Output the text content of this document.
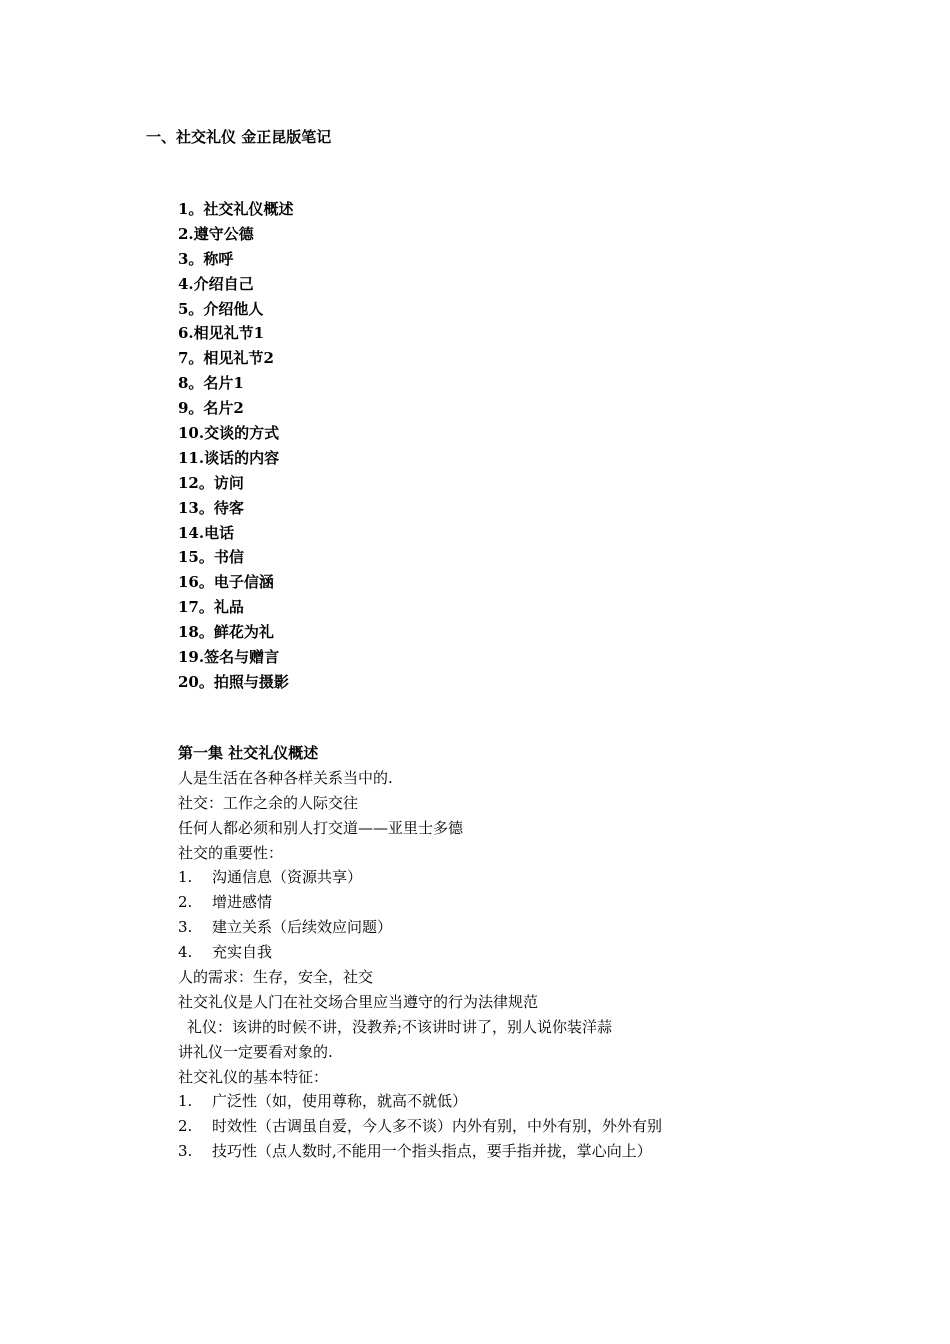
一、社交礼仪 金正昆版笔记
1。社交礼仪概述
2.遵守公德
3。称呼
4.介绍自己
5。介绍他人
6.相见礼节1
7。相见礼节2
8。名片1
9。名片2
10.交谈的方式
11.谈话的内容
12。访问
13。待客
14.电话
15。书信
16。电子信涵
17。礼品
18。鲜花为礼
19.签名与赠言
20。拍照与摄影
第一集 社交礼仪概述
人是生活在各种各样关系当中的.
社交：工作之余的人际交往
任何人都必须和别人打交道——亚里士多德
社交的重要性：
1. 沟通信息（资源共享）
2. 增进感情
3. 建立关系（后续效应问题）
4. 充实自我
人的需求：生存，安全，社交
社交礼仪是人门在社交场合里应当遵守的行为法律规范
礼仪：该讲的时候不讲，没教养;不该讲时讲了，别人说你装洋蒜
讲礼仪一定要看对象的.
社交礼仪的基本特征：
1. 广泛性（如，使用尊称，就高不就低）
2. 时效性（古调虽自爱，今人多不谈）内外有别，中外有别，外外有别
3. 技巧性（点人数时,不能用一个指头指点，要手指并拢，掌心向上）
